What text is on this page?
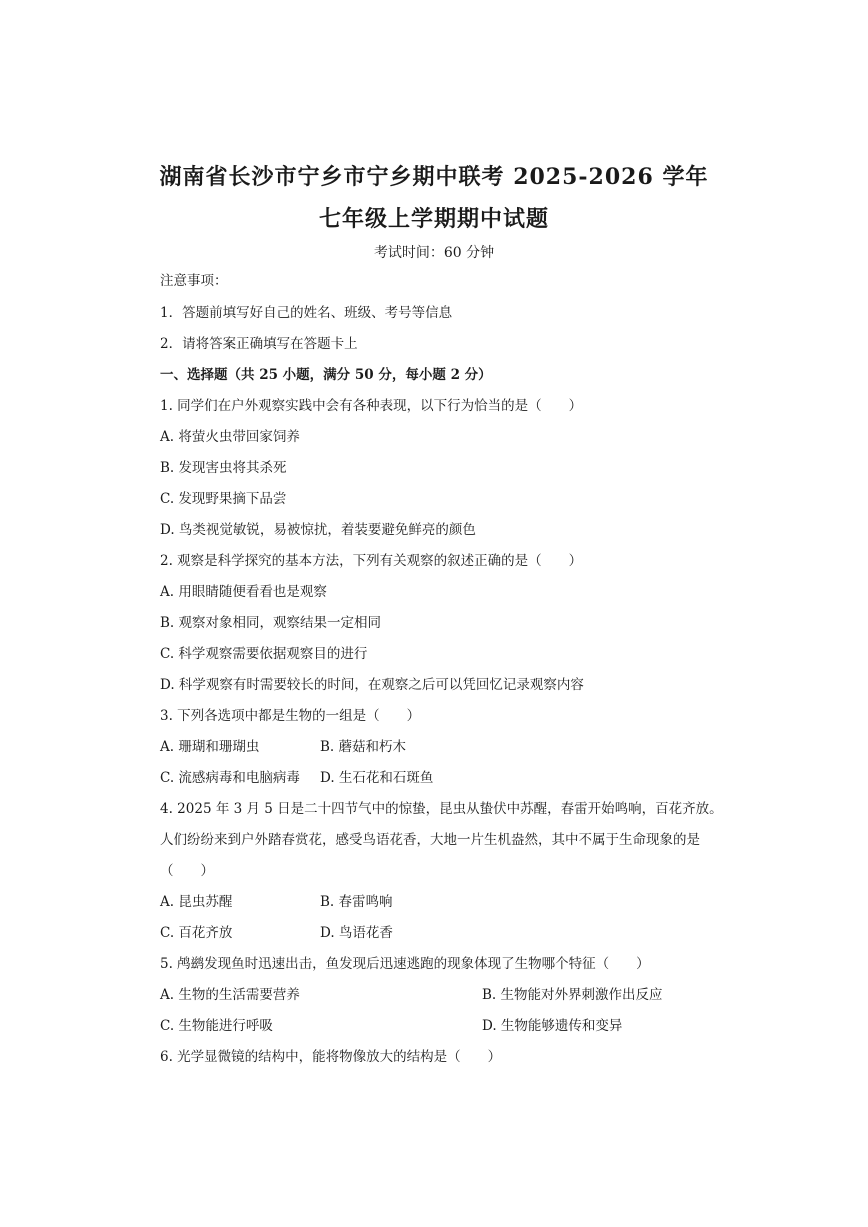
湖南省长沙市宁乡市宁乡期中联考 2025-2026 学年
七年级上学期期中试题
考试时间：60 分钟
注意事项：
1．答题前填写好自己的姓名、班级、考号等信息
2．请将答案正确填写在答题卡上
一、选择题（共 25 小题，满分 50 分，每小题 2 分）
1. 同学们在户外观察实践中会有各种表现，以下行为恰当的是（　　）
A. 将萤火虫带回家饲养
B. 发现害虫将其杀死
C. 发现野果摘下品尝
D. 鸟类视觉敏锐，易被惊扰，着装要避免鲜亮的颜色
2. 观察是科学探究的基本方法，下列有关观察的叙述正确的是（　　）
A. 用眼睛随便看看也是观察
B. 观察对象相同，观察结果一定相同
C. 科学观察需要依据观察目的进行
D. 科学观察有时需要较长的时间，在观察之后可以凭回忆记录观察内容
3. 下列各选项中都是生物的一组是（　　）
A. 珊瑚和珊瑚虫	B. 蘑菇和朽木
C. 流感病毒和电脑病毒 D. 生石花和石斑鱼
4. 2025 年 3 月 5 日是二十四节气中的惊蛰，昆虫从蛰伏中苏醒，春雷开始鸣响，百花齐放。
人们纷纷来到户外踏春赏花，感受鸟语花香，大地一片生机盎然，其中不属于生命现象的是
（　　）
A. 昆虫苏醒	B. 春雷鸣响
C. 百花齐放	D. 鸟语花香
5. 鸬鹚发现鱼时迅速出击，鱼发现后迅速逃跑的现象体现了生物哪个特征（　　）
A. 生物的生活需要营养	B. 生物能对外界刺激作出反应
C. 生物能进行呼吸	D. 生物能够遗传和变异
6. 光学显微镜的结构中，能将物像放大的结构是（　　）
